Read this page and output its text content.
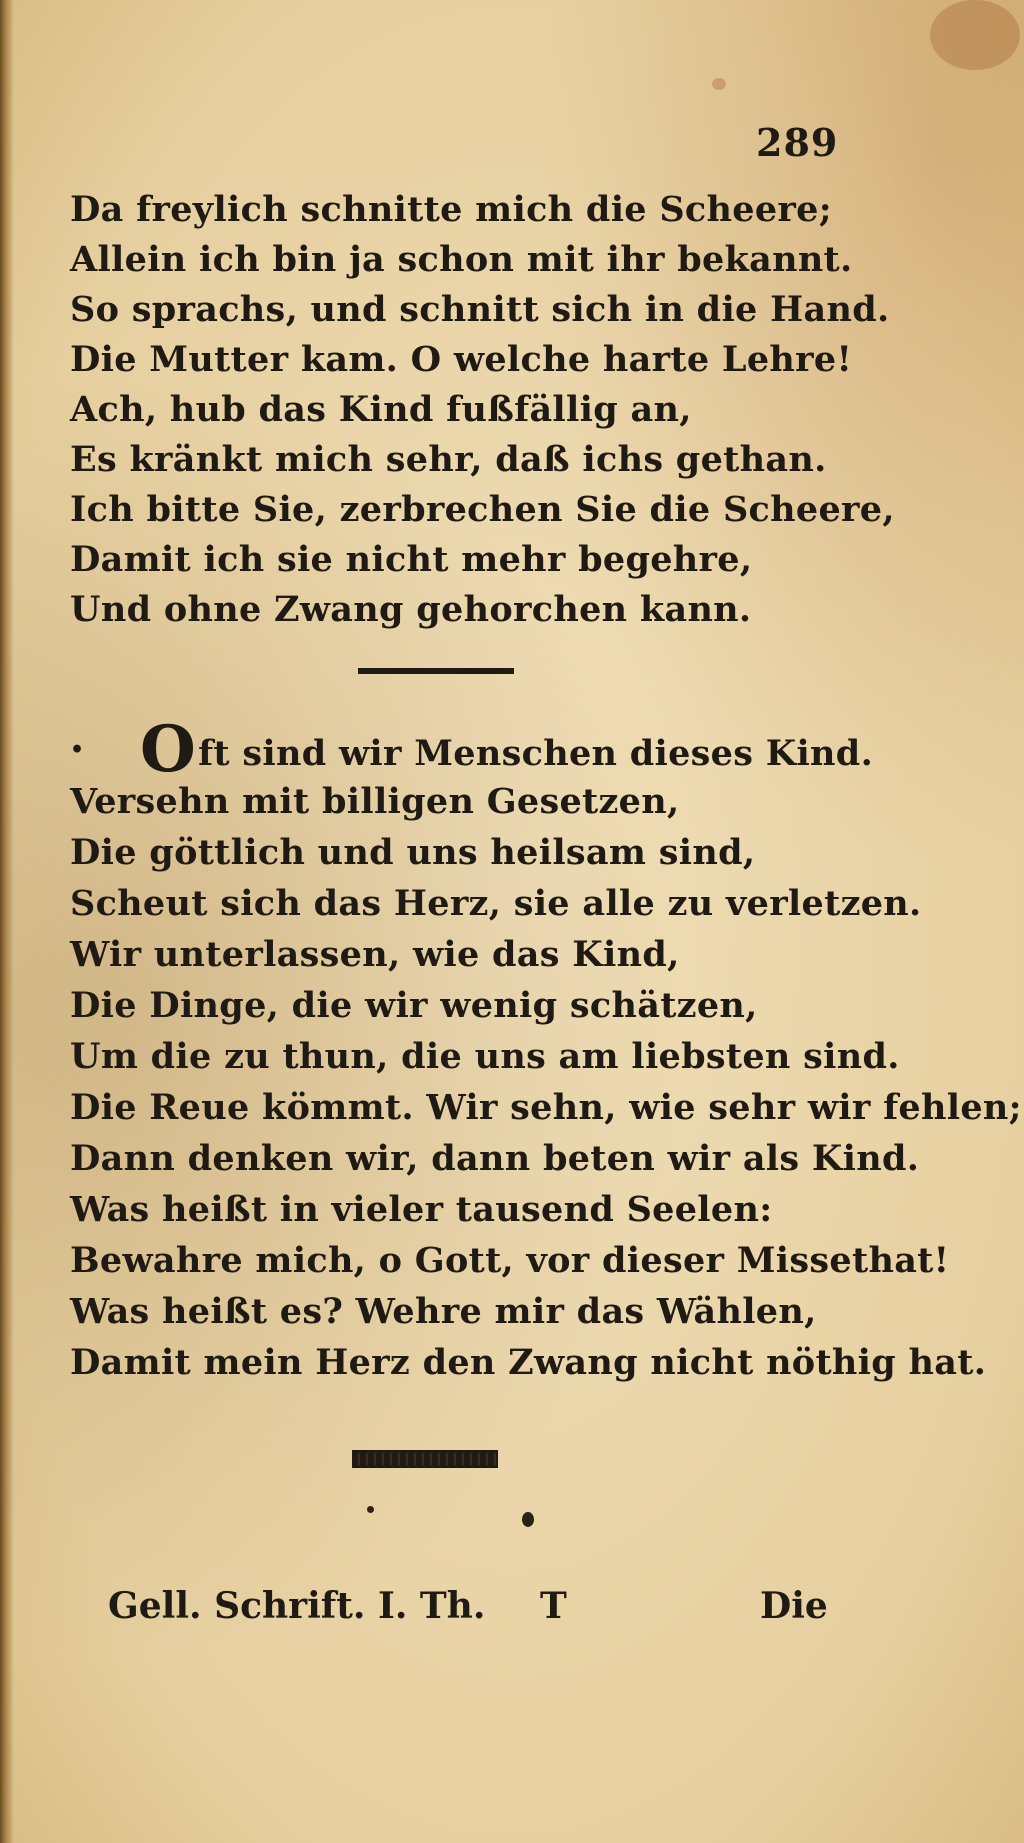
289
Da freylich schnitte mich die Scheere;
Allein ich bin ja schon mit ihr bekannt.
So sprachs, und schnitt sich in die Hand.
Die Mutter kam. O welche harte Lehre!
Ach, hub das Kind fußfällig an,
Es kränkt mich sehr, daß ichs gethan.
Ich bitte Sie, zerbrechen Sie die Scheere,
Damit ich sie nicht mehr begehre,
Und ohne Zwang gehorchen kann.
• Oft sind wir Menschen dieses Kind.
Versehn mit billigen Gesetzen,
Die göttlich und uns heilsam sind,
Scheut sich das Herz, sie alle zu verletzen.
Wir unterlassen, wie das Kind,
Die Dinge, die wir wenig schätzen,
Um die zu thun, die uns am liebsten sind.
Die Reue kömmt. Wir sehn, wie sehr wir fehlen;
Dann denken wir, dann beten wir als Kind.
Was heißt in vieler tausend Seelen:
Bewahre mich, o Gott, vor dieser Missethat!
Was heißt es? Wehre mir das Wählen,
Damit mein Herz den Zwang nicht nöthig hat.
Gell. Schrift. I. Th. T	Die
